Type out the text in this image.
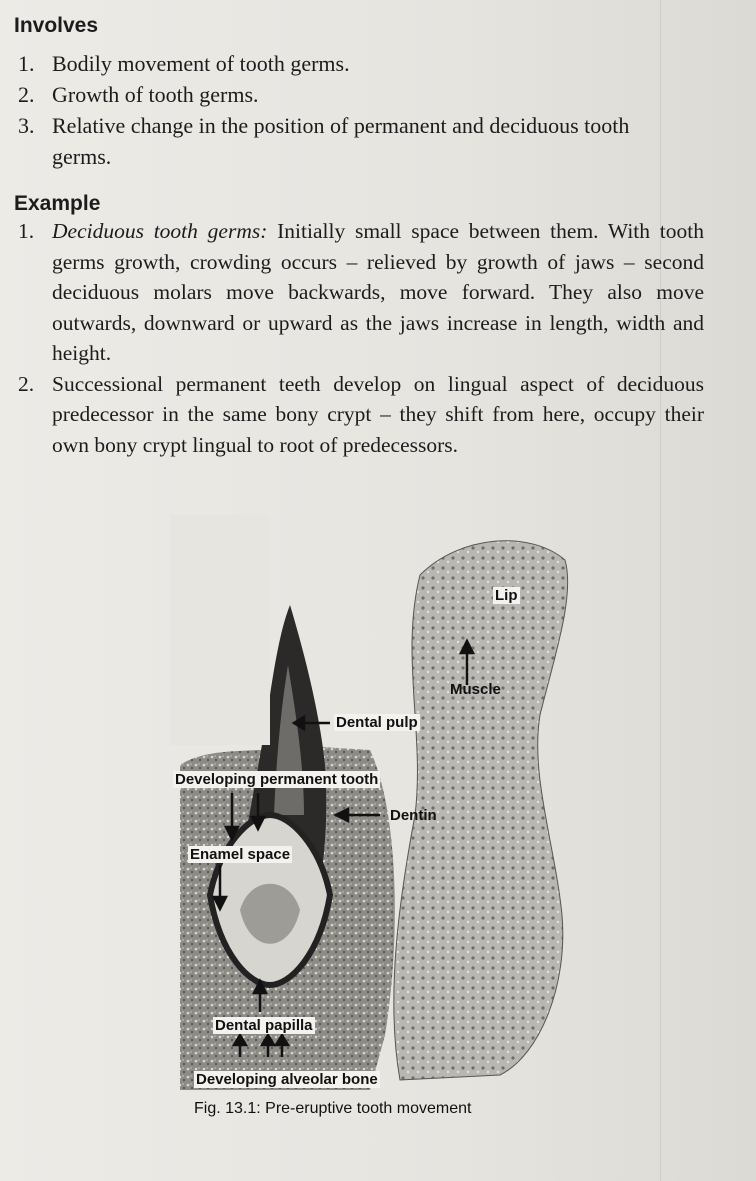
Involves
1. Bodily movement of tooth germs.
2. Growth of tooth germs.
3. Relative change in the position of permanent and deciduous tooth germs.
Example
1. Deciduous tooth germs: Initially small space between them. With tooth germs growth, crowding occurs – relieved by growth of jaws – second deciduous molars move backwards, move forward. They also move outwards, downward or upward as the jaws increase in length, width and height.
2. Successional permanent teeth develop on lingual aspect of deciduous predecessor in the same bony crypt – they shift from here, occupy their own bony crypt lingual to root of predecessors.
Lip
Muscle
Dental pulp
Developing permanent tooth
Dentin
Enamel space
Dental papilla
Developing alveolar bone
Fig. 13.1: Pre-eruptive tooth movement
